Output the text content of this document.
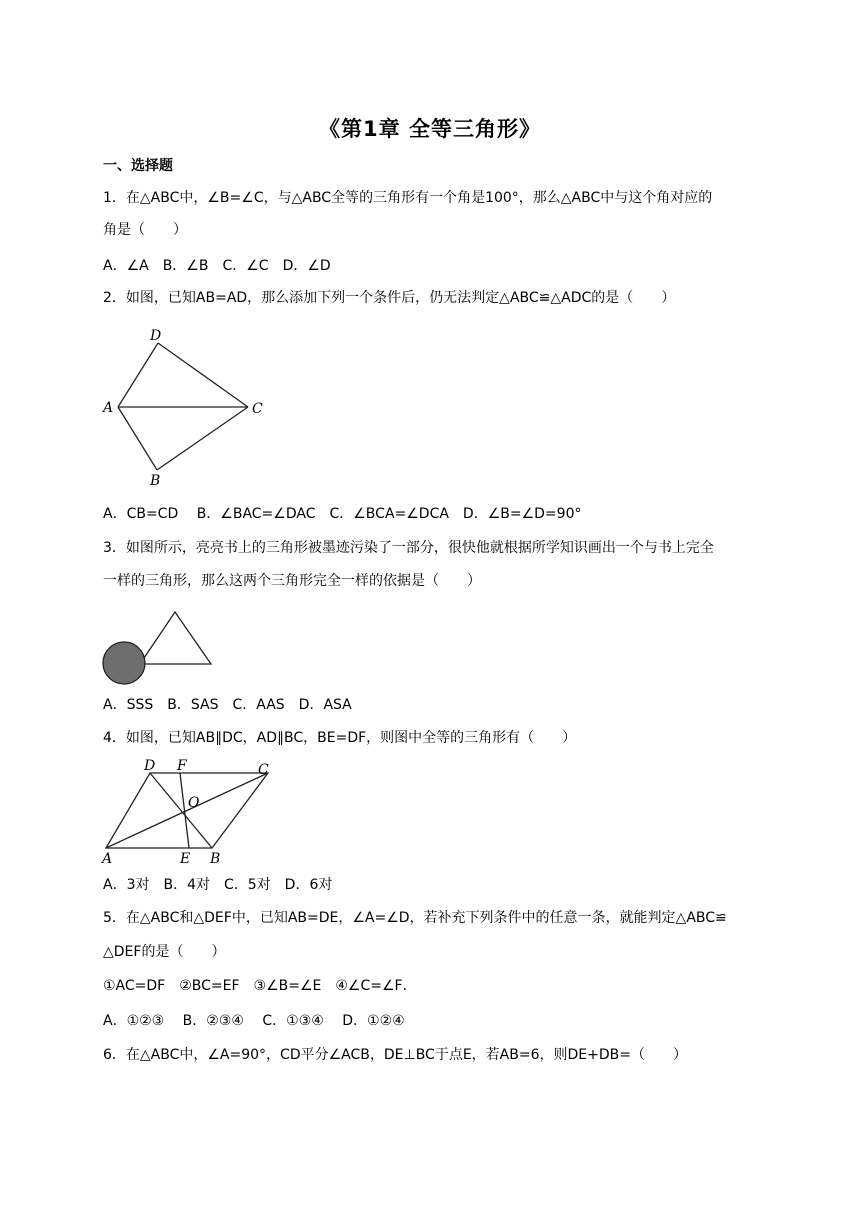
《第1章 全等三角形》
一、选择题
1．在△ABC中，∠B=∠C，与△ABC全等的三角形有一个角是100°，那么△ABC中与这个角对应的
角是（　　）
A．∠A　B．∠B　C．∠C　D．∠D
2．如图，已知AB=AD，那么添加下列一个条件后，仍无法判定△ABC≌△ADC的是（　　）
D
A	C
B
A．CB=CD　 B．∠BAC=∠DAC　C．∠BCA=∠DCA　D．∠B=∠D=90°
3．如图所示，亮亮书上的三角形被墨迹污染了一部分，很快他就根据所学知识画出一个与书上完全
一样的三角形，那么这两个三角形完全一样的依据是（　　）
A．SSS　B．SAS　C．AAS　D．ASA
4．如图，已知AB∥DC，AD∥BC，BE=DF，则图中全等的三角形有（　　）
D F	C
O
A	E B
A．3对　B．4对　C．5对　D．6对
5．在△ABC和△DEF中，已知AB=DE，∠A=∠D，若补充下列条件中的任意一条，就能判定△ABC≌
△DEF的是（　　）
①AC=DF　②BC=EF　③∠B=∠E　④∠C=∠F．
A．①②③　 B．②③④　 C．①③④　 D．①②④
6．在△ABC中，∠A=90°，CD平分∠ACB，DE⊥BC于点E，若AB=6，则DE+DB=（　　）
